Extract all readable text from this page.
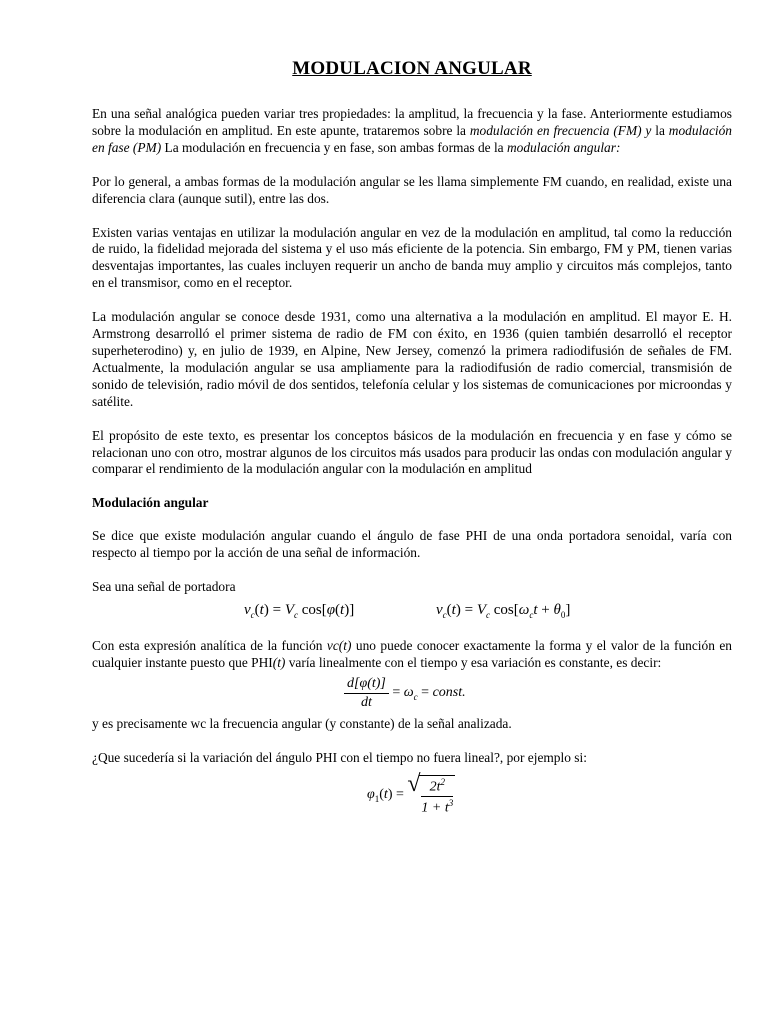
MODULACION ANGULAR

En una señal analógica pueden variar tres propiedades: la amplitud, la frecuencia y la fase. Anteriormente estudiamos sobre la modulación en amplitud. En este apunte, trataremos sobre la modulación en frecuencia (FM) y la modulación en fase (PM) La modulación en frecuencia y en fase, son ambas formas de la modulación angular:

Por lo general, a ambas formas de la modulación angular se les llama simplemente FM cuando, en realidad, existe una diferencia clara (aunque sutil), entre las dos.

Existen varias ventajas en utilizar la modulación angular en vez de la modulación en amplitud, tal como la reducción de ruido, la fidelidad mejorada del sistema y el uso más eficiente de la potencia. Sin embargo, FM y PM, tienen varias desventajas importantes, las cuales incluyen requerir un ancho de banda muy amplio y circuitos más complejos, tanto en el transmisor, como en el receptor.

La modulación angular se conoce desde 1931, como una alternativa a la modulación en amplitud. El mayor E. H. Armstrong desarrolló el primer sistema de radio de FM con éxito, en 1936 (quien también desarrolló el receptor superheterodino) y, en julio de 1939, en Alpine, New Jersey, comenzó la primera radiodifusión de señales de FM. Actualmente, la modulación angular se usa ampliamente para la radiodifusión de radio comercial, transmisión de sonido de televisión, radio móvil de dos sentidos, telefonía celular y los sistemas de comunicaciones por microondas y satélite.

El propósito de este texto, es presentar los conceptos básicos de la modulación en frecuencia y en fase y cómo se relacionan uno con otro, mostrar algunos de los circuitos más usados para producir las ondas con modulación angular y comparar el rendimiento de la modulación angular con la modulación en amplitud

Modulación angular

Se dice que existe modulación angular cuando el ángulo de fase PHI de una onda portadora senoidal, varía con respecto al tiempo por la acción de una señal de información.

Sea una señal de portadora

$v_c(t) = V_c$ cos[φ(t)]	$v_c(t) = V_c$ $\cos[\omega_ct + \theta_0]$

Con esta expresión analítica de la función vc(t) uno puede conocer exactamente la forma y el valor de la función en cualquier instante puesto que PHI(t) varía linealmente con el tiempo y esa variación es constante, es decir:

$\frac{d[\varphi(t)]}{dt} = \omega_c$ = const.

y es precisamente wc la frecuencia angular (y constante) de la señal analizada.

¿Que sucedería si la variación del ángulo PHI con el tiempo no fuera lineal?, por ejemplo si:

$\varphi_1(t)$ = √ $\frac{2t^2}{1 + t^3}$
